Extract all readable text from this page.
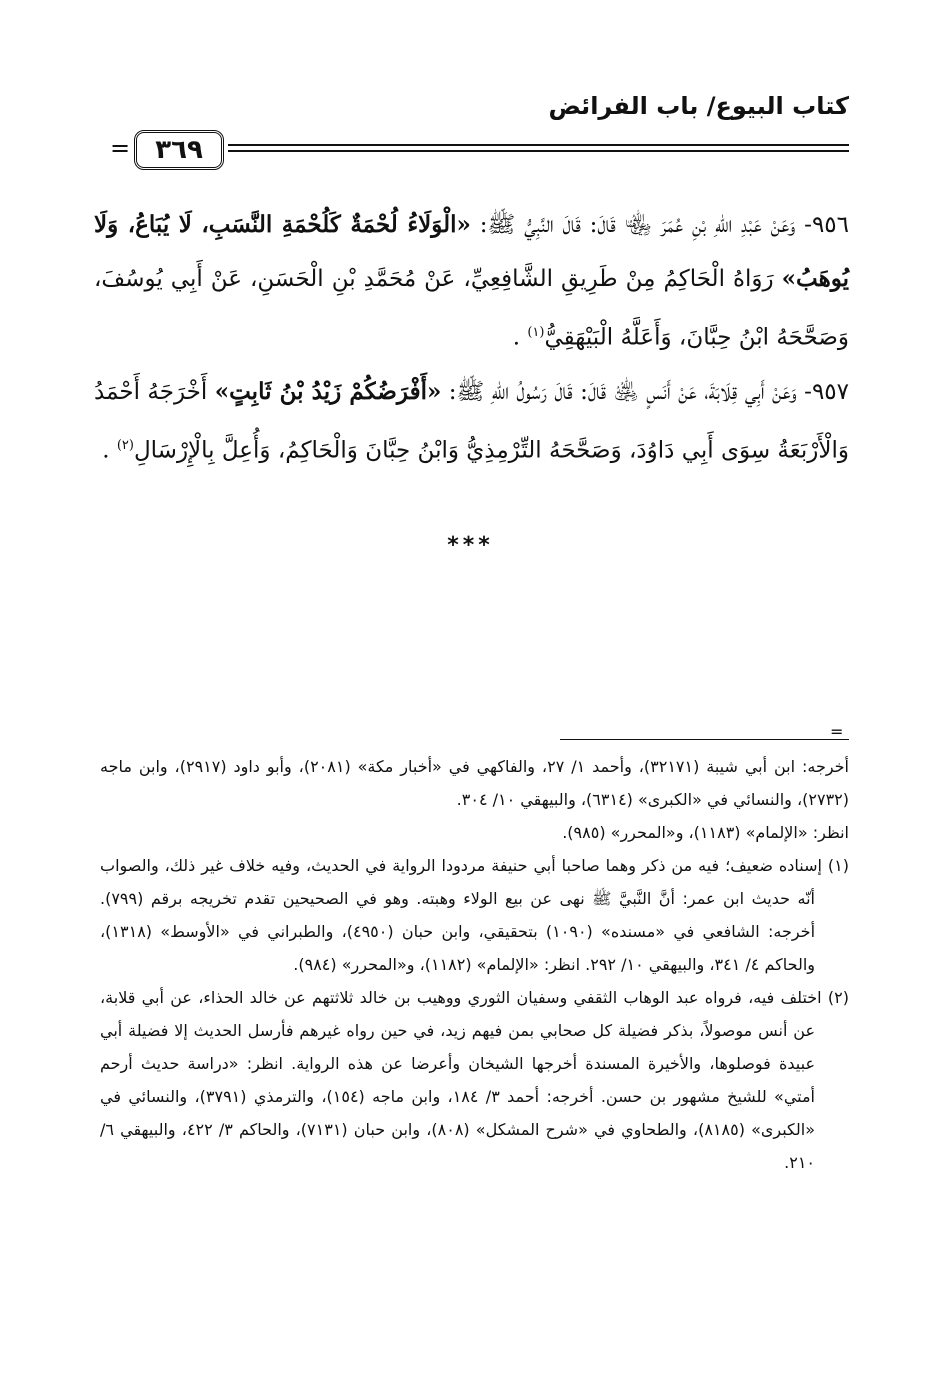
كتاب البيوع/ باب الفرائض
= ٣٦٩

٩٥٦- وَعَنْ عَبْدِ اللهِ بْنِ عُمَرَ ﵄ قَالَ: قَالَ النَّبِيُّ ﷺ: «الْوَلَاءُ لُحْمَةٌ كَلُحْمَةِ النَّسَبِ، لَا يُبَاعُ، وَلَا يُوهَبُ» رَوَاهُ الْحَاكِمُ مِنْ طَرِيقِ الشَّافِعِيِّ، عَنْ مُحَمَّدِ بْنِ الْحَسَنِ، عَنْ أَبِي يُوسُفَ، وَصَحَّحَهُ ابْنُ حِبَّانَ، وَأَعَلَّهُ الْبَيْهَقِيُّ$^{(١)}$ .

٩٥٧- وَعَنْ أَبِي قِلَابَةَ، عَنْ أَنَسٍ ﵁ قَالَ: قَالَ رَسُولُ اللهِ ﷺ: «أَفْرَضُكُمْ زَيْدُ بْنُ ثَابِتٍ» أَخْرَجَهُ أَحْمَدُ وَالْأَرْبَعَةُ سِوَى أَبِي دَاوُدَ، وَصَحَّحَهُ التِّرْمِذِيُّ وَابْنُ حِبَّانَ وَالْحَاكِمُ، وَأُعِلَّ بِالْإِرْسَالِ$^{(٢)}$ .

***
=

أخرجه: ابن أبي شيبة (٣٢١٧١)، وأحمد ١/ ٢٧، والفاكهي في «أخبار مكة» (٢٠٨١)، وأبو داود (٢٩١٧)، وابن ماجه (٢٧٣٢)، والنسائي في «الكبرى» (٦٣١٤)، والبيهقي ١٠/ ٣٠٤.

انظر: «الإلمام» (١١٨٣)، و«المحرر» (٩٨٥).

(١) إسناده ضعيف؛ فيه من ذكر وهما صاحبا أبي حنيفة مردودا الرواية في الحديث، وفيه خلاف غير ذلك، والصواب أنّه حديث ابن عمر: أنَّ النَّبيَّ ﷺ نهى عن بيع الولاء وهبته. وهو في الصحيحين تقدم تخريجه برقم (٧٩٩). أخرجه: الشافعي في «مسنده» (١٠٩٠) بتحقيقي، وابن حبان (٤٩٥٠)، والطبراني في «الأوسط» (١٣١٨)، والحاكم ٤/ ٣٤١، والبيهقي ١٠/ ٢٩٢. انظر: «الإلمام» (١١٨٢)، و«المحرر» (٩٨٤).

(٢) اختلف فيه، فرواه عبد الوهاب الثقفي وسفيان الثوري ووهيب بن خالد ثلاثتهم عن خالد الحذاء، عن أبي قلابة، عن أنس موصولاً، بذكر فضيلة كل صحابي بمن فيهم زيد، في حين رواه غيرهم فأرسل الحديث إلا فضيلة أبي عبيدة فوصلوها، والأخيرة المسندة أخرجها الشيخان وأعرضا عن هذه الرواية. انظر: «دراسة حديث أرحم أمتي» للشيخ مشهور بن حسن. أخرجه: أحمد ٣/ ١٨٤، وابن ماجه (١٥٤)، والترمذي (٣٧٩١)، والنسائي في «الكبرى» (٨١٨٥)، والطحاوي في «شرح المشكل» (٨٠٨)، وابن حبان (٧١٣١)، والحاكم ٣/ ٤٢٢، والبيهقي ٦/ ٢١٠.
